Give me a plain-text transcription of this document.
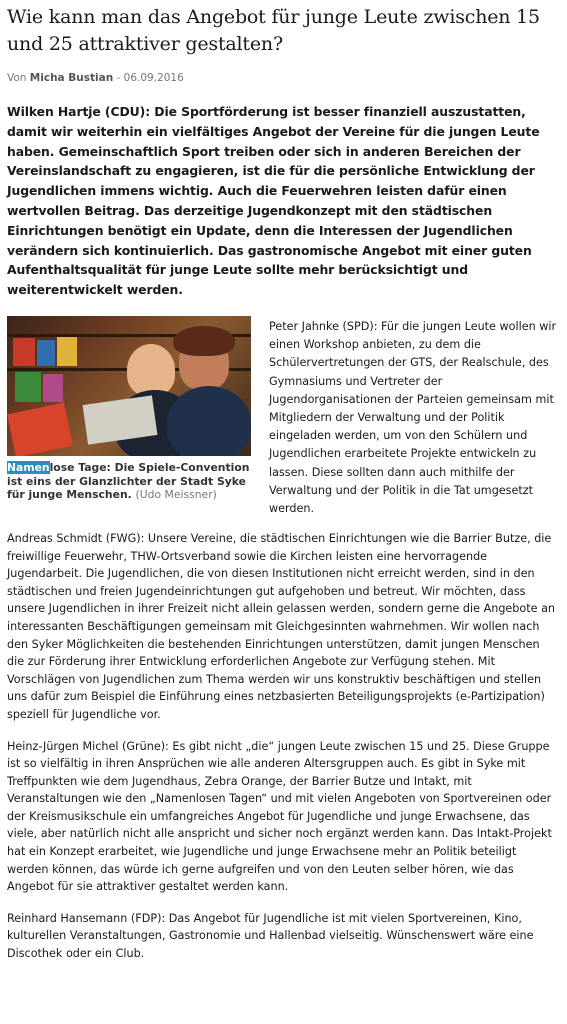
Wie kann man das Angebot für junge Leute zwischen 15 und 25 attraktiver gestalten?
Von Micha Bustian - 06.09.2016
Wilken Hartje (CDU): Die Sportförderung ist besser finanziell auszustatten, damit wir weiterhin ein vielfältiges Angebot der Vereine für die jungen Leute haben. Gemeinschaftlich Sport treiben oder sich in anderen Bereichen der Vereinslandschaft zu engagieren, ist die für die persönliche Entwicklung der Jugendlichen immens wichtig. Auch die Feuerwehren leisten dafür einen wertvollen Beitrag. Das derzeitige Jugendkonzept mit den städtischen Einrichtungen benötigt ein Update, denn die Interessen der Jugendlichen verändern sich kontinuierlich. Das gastronomische Angebot mit einer guten Aufenthaltsqualität für junge Leute sollte mehr berücksichtigt und weiterentwickelt werden.
Namenlose Tage: Die Spiele-Convention ist eins der Glanzlichter der Stadt Syke für junge Menschen. (Udo Meissner)
Peter Jahnke (SPD): Für die jungen Leute wollen wir einen Workshop anbieten, zu dem die Schülervertretungen der GTS, der Realschule, des Gymnasiums und Vertreter der Jugendorganisationen der Parteien gemeinsam mit Mitgliedern der Verwaltung und der Politik eingeladen werden, um von den Schülern und Jugendlichen erarbeitete Projekte entwickeln zu lassen. Diese sollten dann auch mithilfe der Verwaltung und der Politik in die Tat umgesetzt werden.
Andreas Schmidt (FWG): Unsere Vereine, die städtischen Einrichtungen wie die Barrier Butze, die freiwillige Feuerwehr, THW-Ortsverband sowie die Kirchen leisten eine hervorragende Jugendarbeit. Die Jugendlichen, die von diesen Institutionen nicht erreicht werden, sind in den städtischen und freien Jugendeinrichtungen gut aufgehoben und betreut. Wir möchten, dass unsere Jugendlichen in ihrer Freizeit nicht allein gelassen werden, sondern gerne die Angebote an interessanten Beschäftigungen gemeinsam mit Gleichgesinnten wahrnehmen. Wir wollen nach den Syker Möglichkeiten die bestehenden Einrichtungen unterstützen, damit jungen Menschen die zur Förderung ihrer Entwicklung erforderlichen Angebote zur Verfügung stehen. Mit Vorschlägen von Jugendlichen zum Thema werden wir uns konstruktiv beschäftigen und stellen uns dafür zum Beispiel die Einführung eines netzbasierten Beteiligungsprojekts (e-Partizipation) speziell für Jugendliche vor.
Heinz-Jürgen Michel (Grüne): Es gibt nicht „die“ jungen Leute zwischen 15 und 25. Diese Gruppe ist so vielfältig in ihren Ansprüchen wie alle anderen Altersgruppen auch. Es gibt in Syke mit Treffpunkten wie dem Jugendhaus, Zebra Orange, der Barrier Butze und Intakt, mit Veranstaltungen wie den „Namenlosen Tagen“ und mit vielen Angeboten von Sportvereinen oder der Kreismusikschule ein umfangreiches Angebot für Jugendliche und junge Erwachsene, das viele, aber natürlich nicht alle anspricht und sicher noch ergänzt werden kann. Das Intakt-Projekt hat ein Konzept erarbeitet, wie Jugendliche und junge Erwachsene mehr an Politik beteiligt werden können, das würde ich gerne aufgreifen und von den Leuten selber hören, wie das Angebot für sie attraktiver gestaltet werden kann.
Reinhard Hansemann (FDP): Das Angebot für Jugendliche ist mit vielen Sportvereinen, Kino, kulturellen Veranstaltungen, Gastronomie und Hallenbad vielseitig. Wünschenswert wäre eine Discothek oder ein Club.
